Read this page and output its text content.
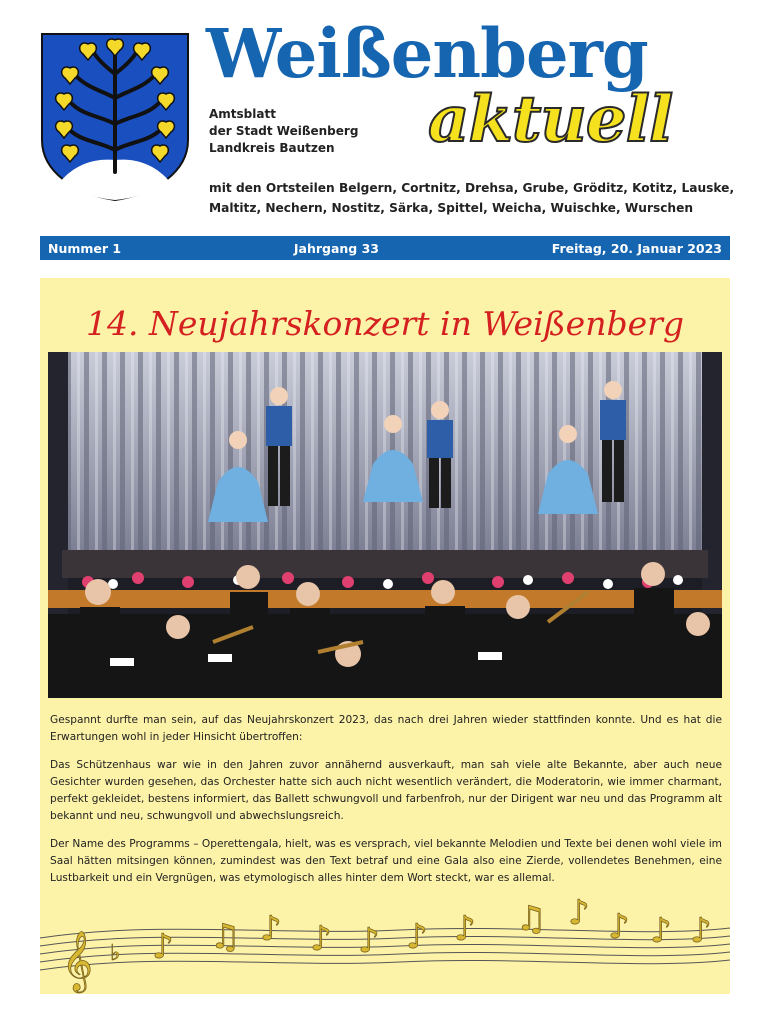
Weißenberg
aktuell
Amtsblatt
der Stadt Weißenberg
Landkreis Bautzen
mit den Ortsteilen Belgern, Cortnitz, Drehsa, Grube, Gröditz, Kotitz, Lauske, Maltitz, Nechern, Nostitz, Särka, Spittel, Weicha, Wuischke, Wurschen
Nummer 1	Jahrgang 33	Freitag, 20. Januar 2023
14. Neujahrskonzert in Weißenberg

Gespannt durfte man sein, auf das Neujahrskonzert 2023, das nach drei Jahren wieder stattfinden konnte. Und es hat die Erwartungen wohl in jeder Hinsicht übertroffen:

Das Schützenhaus war wie in den Jahren zuvor annähernd ausverkauft, man sah viele alte Bekannte, aber auch neue Gesichter wurden gesehen, das Orchester hatte sich auch nicht wesentlich verändert, die Moderatorin, wie immer charmant, perfekt gekleidet, bestens informiert, das Ballett schwungvoll und farbenfroh, nur der Dirigent war neu und das Programm alt bekannt und neu, schwungvoll und abwechslungsreich.

Der Name des Programms – Operettengala, hielt, was es versprach, viel bekannte Melodien und Texte bei denen wohl viele im Saal hätten mitsingen können, zumindest was den Text betraf und eine Gala also eine Zierde, vollendetes Benehmen, eine Lustbarkeit und ein Vergnügen, was etymologisch alles hinter dem Wort steckt, war es allemal.

𝄞 ♭ ♪ ♫ ♪ ♪ ♪ ♪ ♪ ♫ ♪ ♪ ♪ ♪
